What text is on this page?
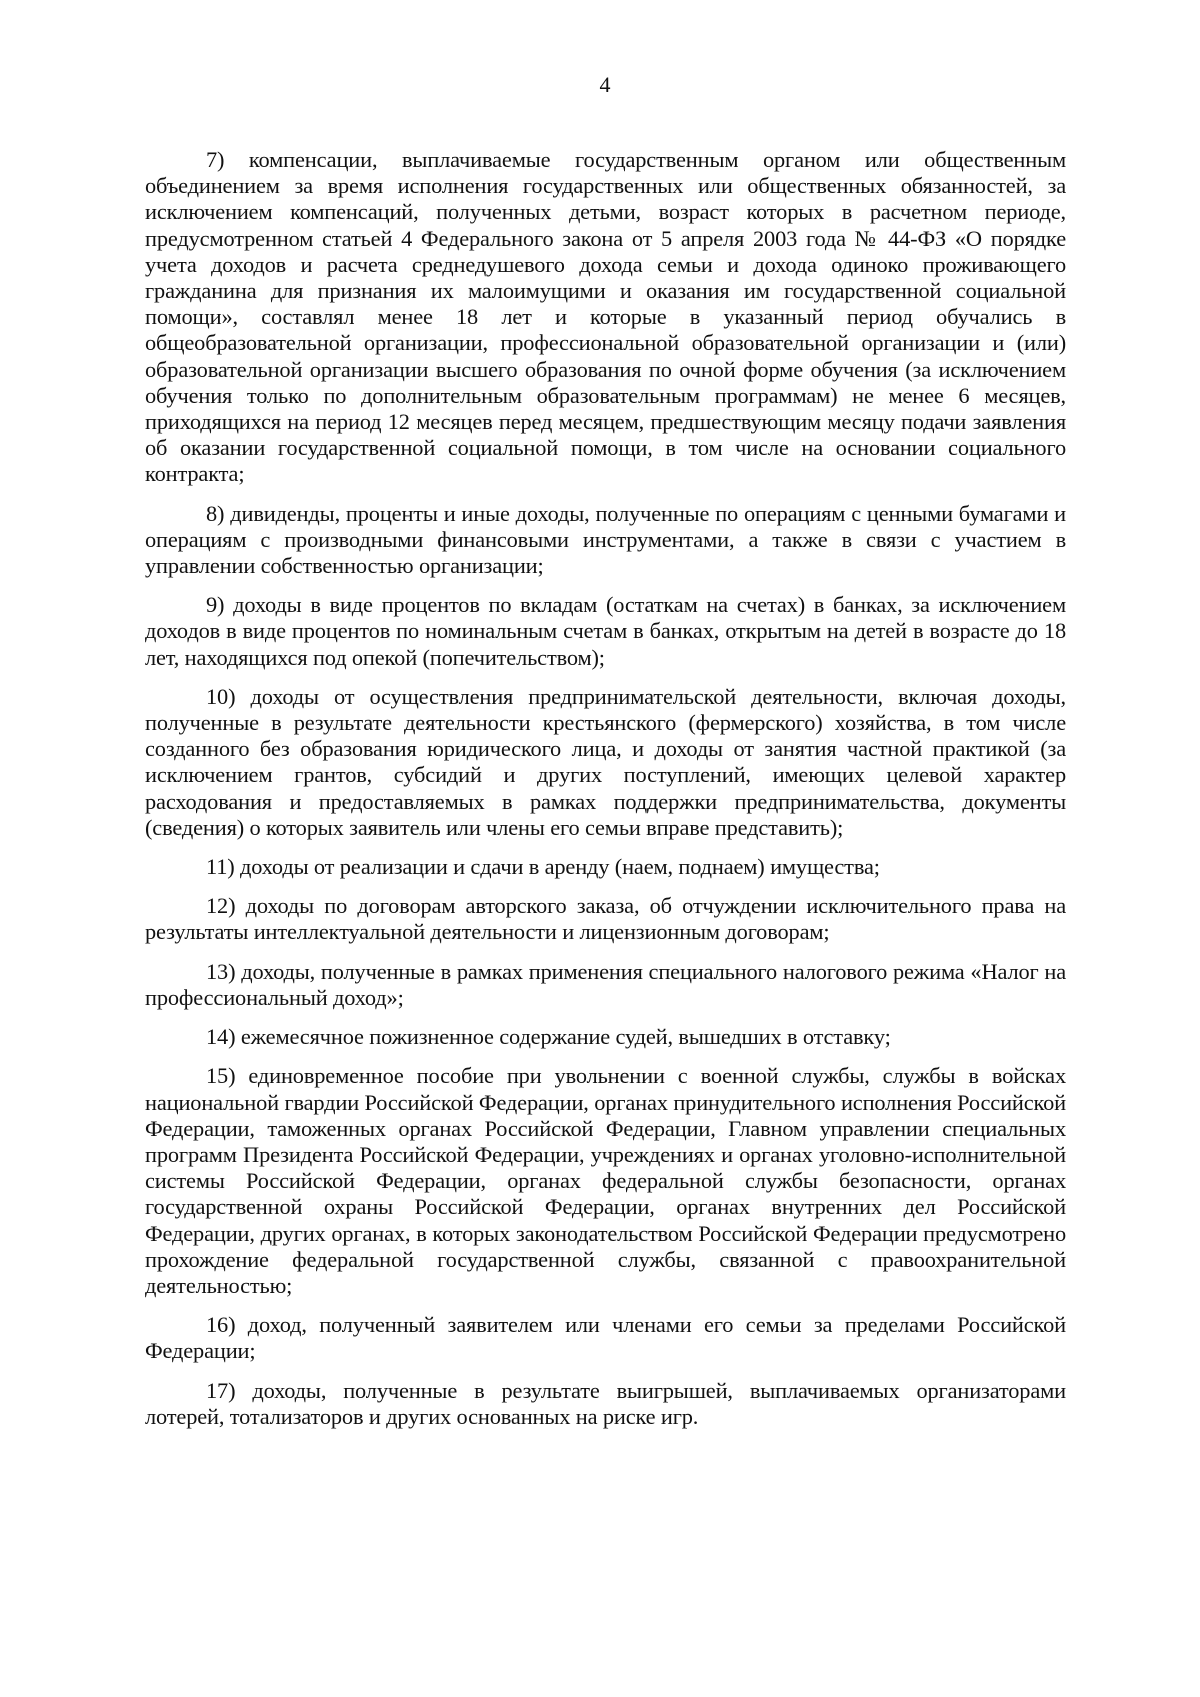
4

7) компенсации, выплачиваемые государственным органом или общественным объединением за время исполнения государственных или общественных обязанностей, за исключением компенсаций, полученных детьми, возраст которых в расчетном периоде, предусмотренном статьей 4 Федерального закона от 5 апреля 2003 года № 44-ФЗ «О порядке учета доходов и расчета среднедушевого дохода семьи и дохода одиноко проживающего гражданина для признания их малоимущими и оказания им государственной социальной помощи», составлял менее 18 лет и которые в указанный период обучались в общеобразовательной организации, профессиональной образовательной организации и (или) образовательной организации высшего образования по очной форме обучения (за исключением обучения только по дополнительным образовательным программам) не менее 6 месяцев, приходящихся на период 12 месяцев перед месяцем, предшествующим месяцу подачи заявления об оказании государственной социальной помощи, в том числе на основании социального контракта;

8) дивиденды, проценты и иные доходы, полученные по операциям с ценными бумагами и операциям с производными финансовыми инструментами, а также в связи с участием в управлении собственностью организации;

9) доходы в виде процентов по вкладам (остаткам на счетах) в банках, за исключением доходов в виде процентов по номинальным счетам в банках, открытым на детей в возрасте до 18 лет, находящихся под опекой (попечительством);

10) доходы от осуществления предпринимательской деятельности, включая доходы, полученные в результате деятельности крестьянского (фермерского) хозяйства, в том числе созданного без образования юридического лица, и доходы от занятия частной практикой (за исключением грантов, субсидий и других поступлений, имеющих целевой характер расходования и предоставляемых в рамках поддержки предпринимательства, документы (сведения) о которых заявитель или члены его семьи вправе представить);

11) доходы от реализации и сдачи в аренду (наем, поднаем) имущества;

12) доходы по договорам авторского заказа, об отчуждении исключительного права на результаты интеллектуальной деятельности и лицензионным договорам;

13) доходы, полученные в рамках применения специального налогового режима «Налог на профессиональный доход»;

14) ежемесячное пожизненное содержание судей, вышедших в отставку;

15) единовременное пособие при увольнении с военной службы, службы в войсках национальной гвардии Российской Федерации, органах принудительного исполнения Российской Федерации, таможенных органах Российской Федерации, Главном управлении специальных программ Президента Российской Федерации, учреждениях и органах уголовно-исполнительной системы Российской Федерации, органах федеральной службы безопасности, органах государственной охраны Российской Федерации, органах внутренних дел Российской Федерации, других органах, в которых законодательством Российской Федерации предусмотрено прохождение федеральной государственной службы, связанной с правоохранительной деятельностью;

16) доход, полученный заявителем или членами его семьи за пределами Российской Федерации;

17) доходы, полученные в результате выигрышей, выплачиваемых организаторами лотерей, тотализаторов и других основанных на риске игр.
